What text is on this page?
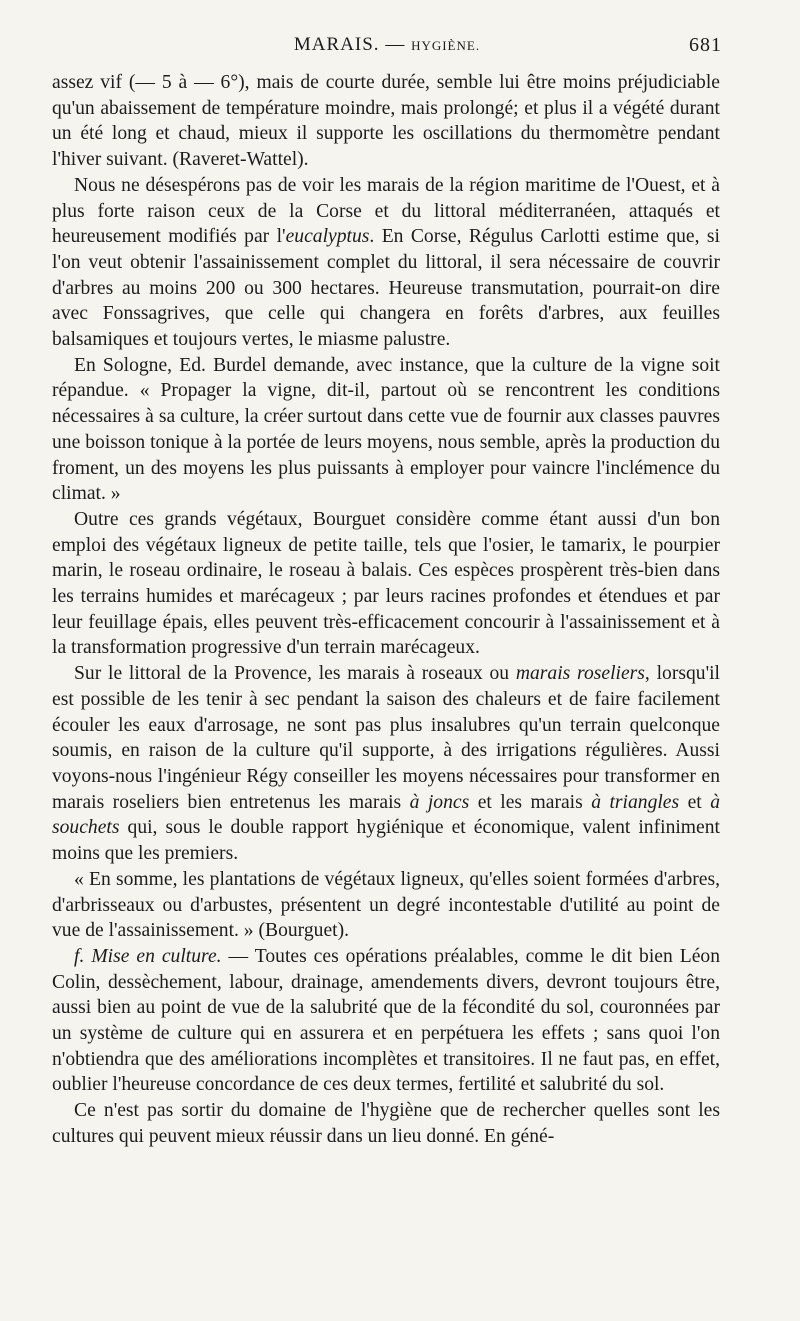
MARAIS. — HYGIÈNE.	681

assez vif (— 5 à — 6°), mais de courte durée, semble lui être moins préjudiciable qu'un abaissement de température moindre, mais prolongé; et plus il a végété durant un été long et chaud, mieux il supporte les oscillations du thermomètre pendant l'hiver suivant. (Raveret-Wattel).

Nous ne désespérons pas de voir les marais de la région maritime de l'Ouest, et à plus forte raison ceux de la Corse et du littoral méditerranéen, attaqués et heureusement modifiés par l'eucalyptus. En Corse, Régulus Carlotti estime que, si l'on veut obtenir l'assainissement complet du littoral, il sera nécessaire de couvrir d'arbres au moins 200 ou 300 hectares. Heureuse transmutation, pourrait-on dire avec Fonssagrives, que celle qui changera en forêts d'arbres, aux feuilles balsamiques et toujours vertes, le miasme palustre.

En Sologne, Ed. Burdel demande, avec instance, que la culture de la vigne soit répandue. « Propager la vigne, dit-il, partout où se rencontrent les conditions nécessaires à sa culture, la créer surtout dans cette vue de fournir aux classes pauvres une boisson tonique à la portée de leurs moyens, nous semble, après la production du froment, un des moyens les plus puissants à employer pour vaincre l'inclémence du climat. »

Outre ces grands végétaux, Bourguet considère comme étant aussi d'un bon emploi des végétaux ligneux de petite taille, tels que l'osier, le tamarix, le pourpier marin, le roseau ordinaire, le roseau à balais. Ces espèces prospèrent très-bien dans les terrains humides et marécageux ; par leurs racines profondes et étendues et par leur feuillage épais, elles peuvent très-efficacement concourir à l'assainissement et à la transformation progressive d'un terrain marécageux.

Sur le littoral de la Provence, les marais à roseaux ou marais roseliers, lorsqu'il est possible de les tenir à sec pendant la saison des chaleurs et de faire facilement écouler les eaux d'arrosage, ne sont pas plus insalubres qu'un terrain quelconque soumis, en raison de la culture qu'il supporte, à des irrigations régulières. Aussi voyons-nous l'ingénieur Régy conseiller les moyens nécessaires pour transformer en marais roseliers bien entretenus les marais à joncs et les marais à triangles et à souchets qui, sous le double rapport hygiénique et économique, valent infiniment moins que les premiers.

« En somme, les plantations de végétaux ligneux, qu'elles soient formées d'arbres, d'arbrisseaux ou d'arbustes, présentent un degré incontestable d'utilité au point de vue de l'assainissement. » (Bourguet).

f. Mise en culture. — Toutes ces opérations préalables, comme le dit bien Léon Colin, dessèchement, labour, drainage, amendements divers, devront toujours être, aussi bien au point de vue de la salubrité que de la fécondité du sol, couronnées par un système de culture qui en assurera et en perpétuera les effets ; sans quoi l'on n'obtiendra que des améliorations incomplètes et transitoires. Il ne faut pas, en effet, oublier l'heureuse concordance de ces deux termes, fertilité et salubrité du sol.

Ce n'est pas sortir du domaine de l'hygiène que de rechercher quelles sont les cultures qui peuvent mieux réussir dans un lieu donné. En géné-
